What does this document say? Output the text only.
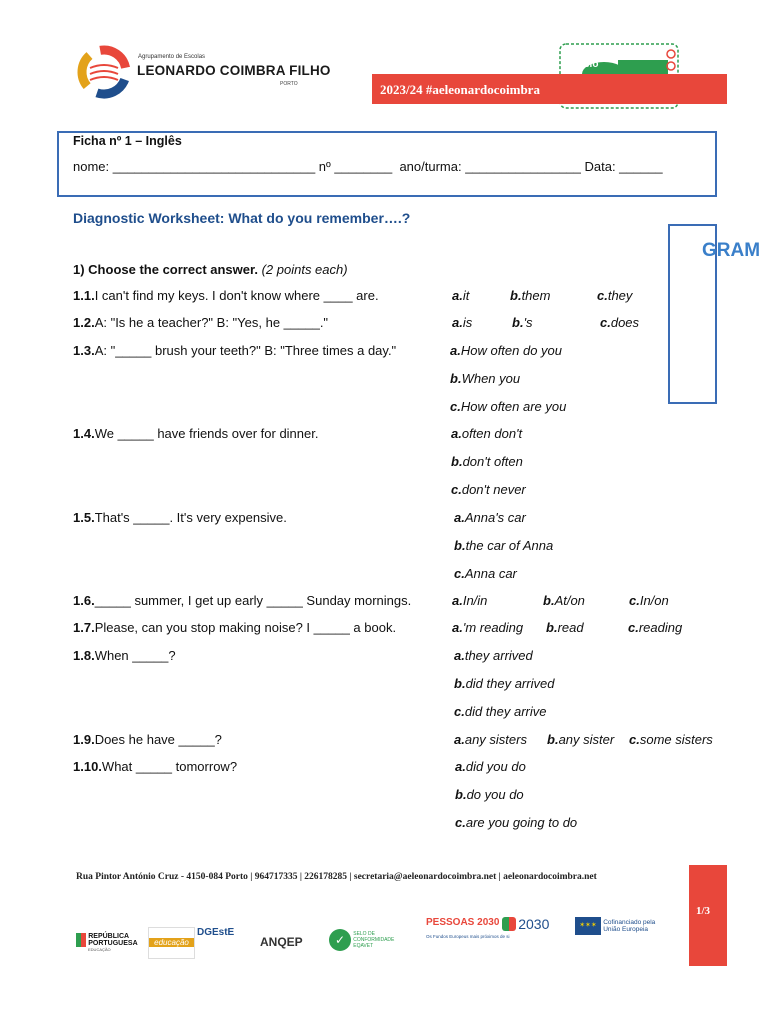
Agrupamento de Escolas
LEONARDO COIMBRA FILHO
PORTO
elo
2023/24 #aeleonardocoimbra
Ficha nº 1 – Inglês
nome: ____________________________ nº ________  ano/turma: ________________ Data: ______
Diagnostic Worksheet: What do you remember….?
GRAM
1) Choose the correct answer. (2 points each)
1.1.I can't find my keys. I don't know where ____ are.	a.it	b.them	c.they
1.2.A: "Is he a teacher?" B: "Yes, he _____."	a.is	b.'s	c.does
1.3.A: "_____ brush your teeth?" B: "Three times a day."	a.How often do you
b.When you
c.How often are you
1.4.We _____ have friends over for dinner.	a.often don't
b.don't often
c.don't never
1.5.That's _____. It's very expensive.	a.Anna's car
b.the car of Anna
c.Anna car
1.6._____ summer, I get up early _____ Sunday mornings.	a.In/in	b.At/on	c.In/on
1.7.Please, can you stop making noise? I _____ a book.	a.'m reading b.read	c.reading
1.8.When _____?	a.they arrived
b.did they arrived
c.did they arrive
1.9.Does he have _____?	a.any sisters b.any sister c.some sisters
1.10.What _____ tomorrow?	a.did you do
b.do you do
c.are you going to do
Rua Pintor António Cruz - 4150-084 Porto | 964717335 | 226178285 | secretaria@aeleonardocoimbra.net | aeleonardocoimbra.net
1/3
REPÚBLICA PORTUGUESA
EDUCAÇÃO
educação
DGEstE
ANQEP	✓ SELO DE CONFORMIDADE EQAVET
PESSOAS 2030
Os Fundos Europeus mais próximos de si
2030	✶✶✶ Cofinanciado pela União Europeia
